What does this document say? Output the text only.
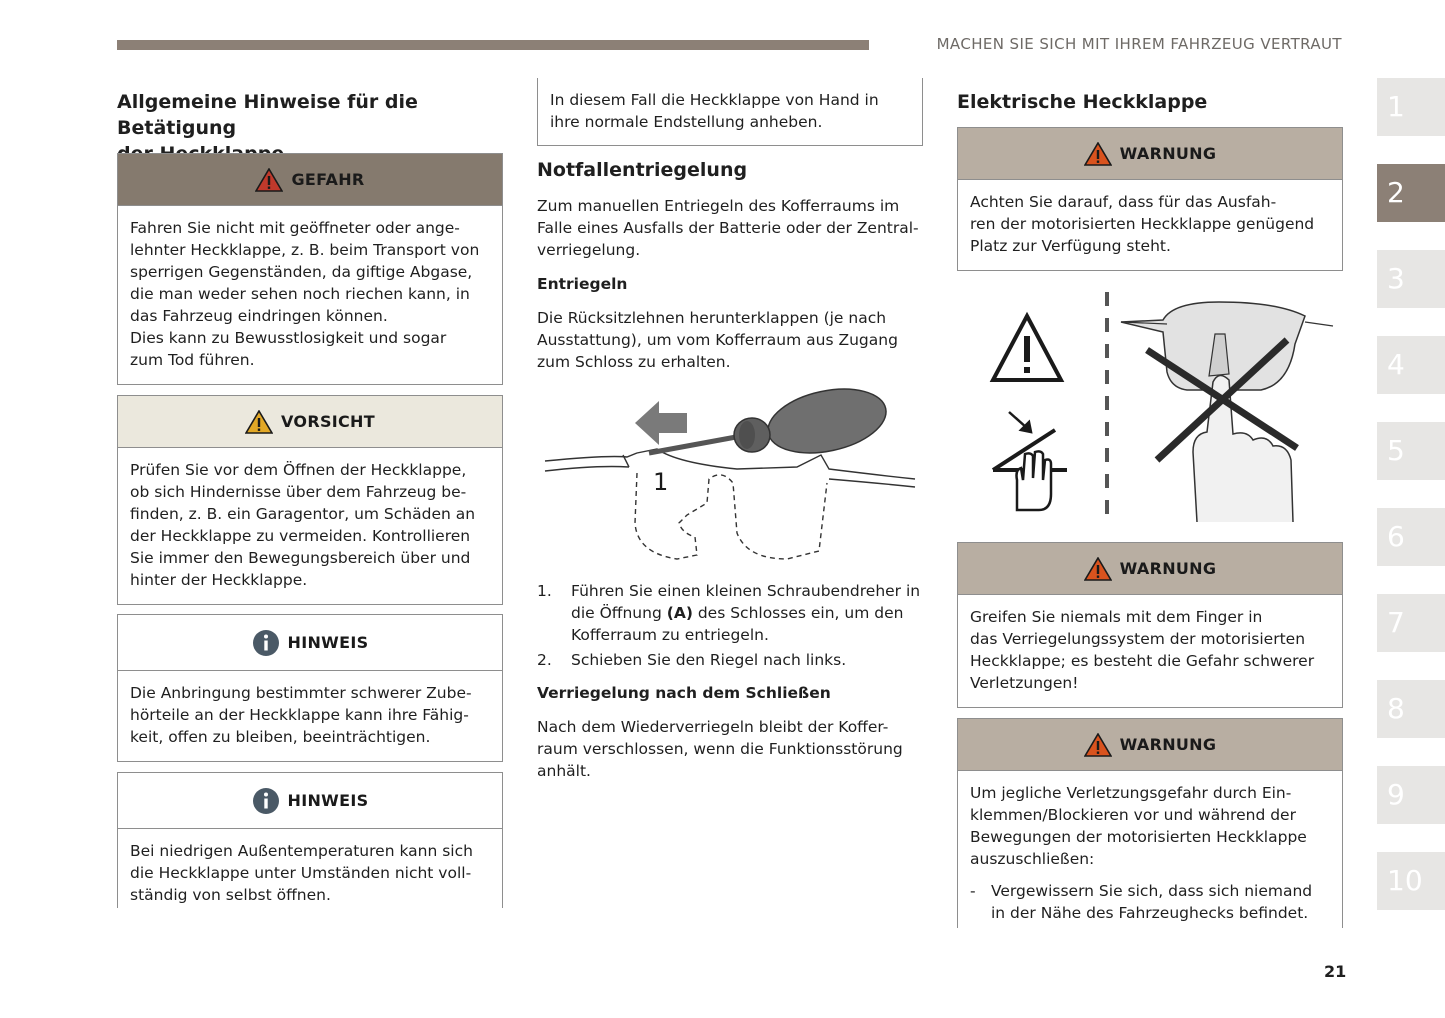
MACHEN SIE SICH MIT IHREM FAHRZEUG VERTRAUT
Allgemeine Hinweise für die Betätigung
GEFAHR
Fahren Sie nicht mit geöffneter oder ange-
lehnter Heckklappe, z. B. beim Transport von
sperrigen Gegenständen, da giftige Abgase,
die man weder sehen noch riechen kann, in
das Fahrzeug eindringen können.
Dies kann zu Bewusstlosigkeit und sogar
zum Tod führen.
VORSICHT
Prüfen Sie vor dem Öffnen der Heckklappe,
ob sich Hindernisse über dem Fahrzeug be-
finden, z. B. ein Garagentor, um Schäden an
der Heckklappe zu vermeiden. Kontrollieren
Sie immer den Bewegungsbereich über und
hinter der Heckklappe.
HINWEIS
Die Anbringung bestimmter schwerer Zube-
hörteile an der Heckklappe kann ihre Fähig-
keit, offen zu bleiben, beeinträchtigen.
HINWEIS
Bei niedrigen Außentemperaturen kann sich
die Heckklappe unter Umständen nicht voll-
ständig von selbst öffnen.

In diesem Fall die Heckklappe von Hand in

ihre normale Endstellung anheben.

Notfallentriegelung

Zum manuellen Entriegeln des Kofferraums im

Falle eines Ausfalls der Batterie oder der Zentral-

verriegelung.

Entriegeln

Die Rücksitzlehnen herunterklappen (je nach

Ausstattung), um vom Kofferraum aus Zugang

zum Schloss zu erhalten.

1
1.	Führen Sie einen kleinen Schraubendreher in
die Öffnung (A) des Schlosses ein, um den
Kofferraum zu entriegeln.
2.	Schieben Sie den Riegel nach links.
Verriegelung nach dem Schließen

Nach dem Wiederverriegeln bleibt der Koffer-

raum verschlossen, wenn die Funktionsstörung

anhält.

Elektrische Heckklappe
WARNUNG
Achten Sie darauf, dass für das Ausfah-
ren der motorisierten Heckklappe genügend
Platz zur Verfügung steht.
WARNUNG
Greifen Sie niemals mit dem Finger in
das Verriegelungssystem der motorisierten
Heckklappe; es besteht die Gefahr schwerer
Verletzungen!
WARNUNG
Um jegliche Verletzungsgefahr durch Ein-
klemmen/Blockieren vor und während der
Bewegungen der motorisierten Heckklappe
auszuschließen:
- Vergewissern Sie sich, dass sich niemand
in der Nähe des Fahrzeughecks befindet.
1
2
3
4
5
6
7
8
9
10
21
